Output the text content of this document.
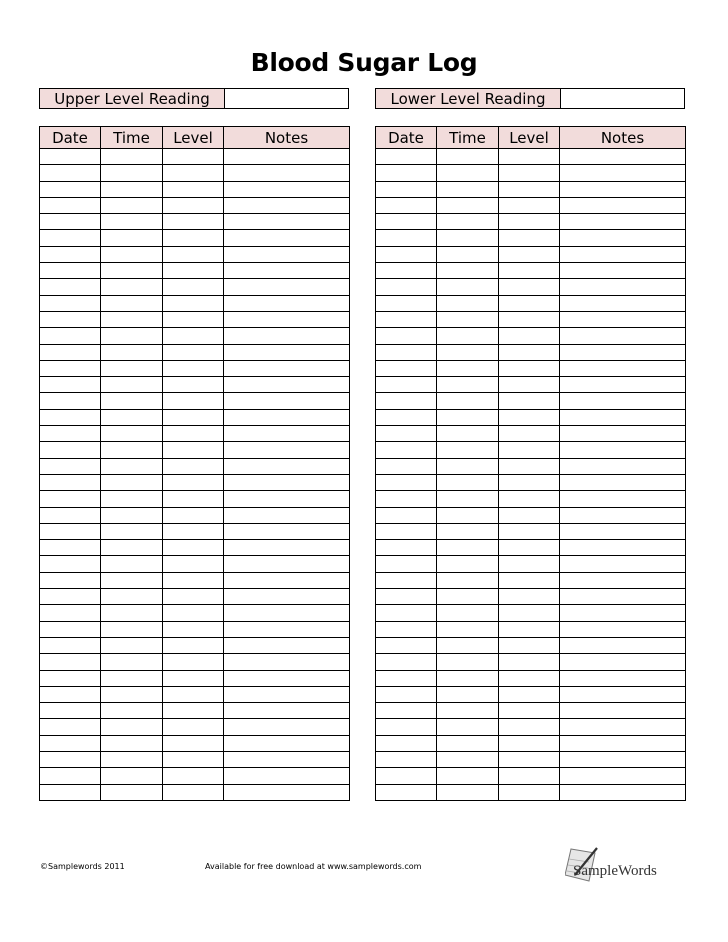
Blood Sugar Log
Upper Level Reading	Lower Level Reading
Date	Time	Level	Notes

				Date	Time	Level	Notes

©Samplewords 2011	Available for free download at www.samplewords.com	SampleWords
